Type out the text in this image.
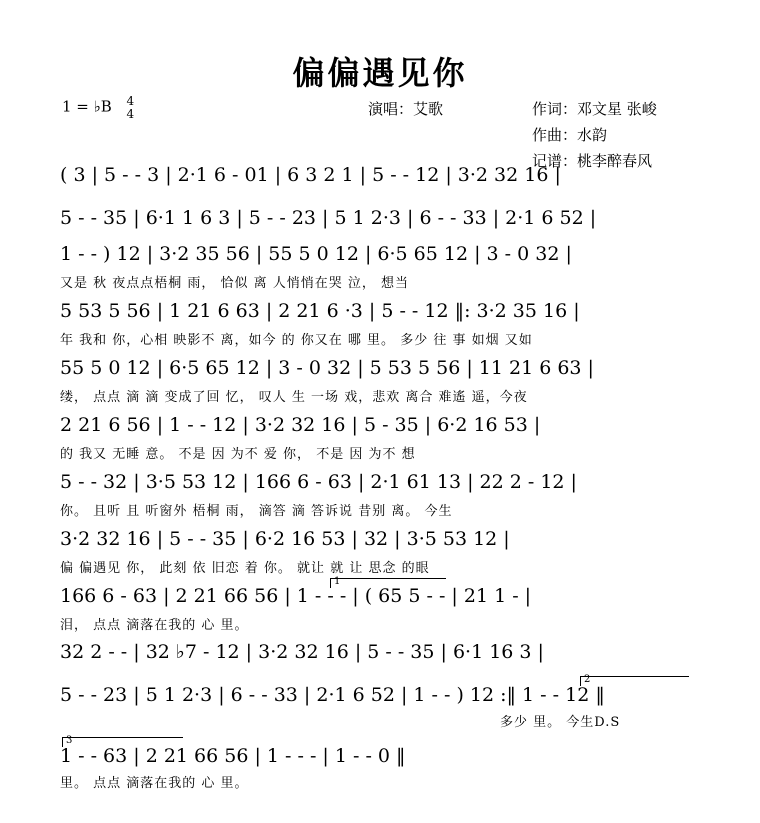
偏偏遇见你
1 = ♭B 4
4	演唱：艾歌	作词：邓文星 张峻
作曲：水韵
记谱：桃李醉春风
( 3 | 5 - - 3 | 2·1 6 - 01 | 6 3 2 1 | 5 - - 12 | 3·2 32 16 |
5 - - 35 | 6·1 1 6 3 | 5 - - 23 | 5 1 2·3 | 6 - - 33 | 2·1 6 52 |
1 - - ) 12 | 3·2 35 56 | 55 5 0 12 | 6·5 65 12 | 3 - 0 32 |
又是 秋 夜点点梧桐 雨， 恰似 离 人悄悄在哭 泣， 想当
5 53 5 56 | 1 21 6 63 | 2 21 6 ·3 | 5 - - 12 ‖: 3·2 35 16 |
年 我和 你，心相 映影不 离，如今 的 你又在 哪 里。 多少 往 事 如烟 又如
55 5 0 12 | 6·5 65 12 | 3 - 0 32 | 5 53 5 56 | 11 21 6 63 |
缕， 点点 滴 滴 变成了回 忆， 叹人 生 一场 戏，悲欢 离合 难遙 遥，今夜
2 21 6 56 | 1 - - 12 | 3·2 32 16 | 5 - 35 | 6·2 16 53 |
的 我又 无睡 意。 不是 因 为不 爱 你， 不是 因 为不 想
5 - - 32 | 3·5 53 12 | 166 6 - 63 | 2·1 61 13 | 22 2 - 12 |
你。 且听 且 听窗外 梧桐 雨， 滴答 滴 答诉说 昔别 离。 今生
3·2 32 16 | 5 - - 35 | 6·2 16 53 | 32 | 3·5 53 12 |
偏 偏遇见 你， 此刻 依 旧恋 着 你。 就让 就 让 思念 的眼
166 6 - 63 | 2 21 66 56 | 1 - - - | ( 65 5 - - | 21 1 - |
泪， 点点 滴落在我的 心 里。
32 2 - - | 32 ♭7 - 12 | 3·2 32 16 | 5 - - 35 | 6·1 16 3 |
5 - - 23 | 5 1 2·3 | 6 - - 33 | 2·1 6 52 | 1 - - ) 12 :‖ 1 - - 12 ‖
多少 里。 今生D.S
1 - - 63 | 2 21 66 56 | 1 - - - | 1 - - 0 ‖
里。 点点 滴落在我的 心 里。
1
2
3
